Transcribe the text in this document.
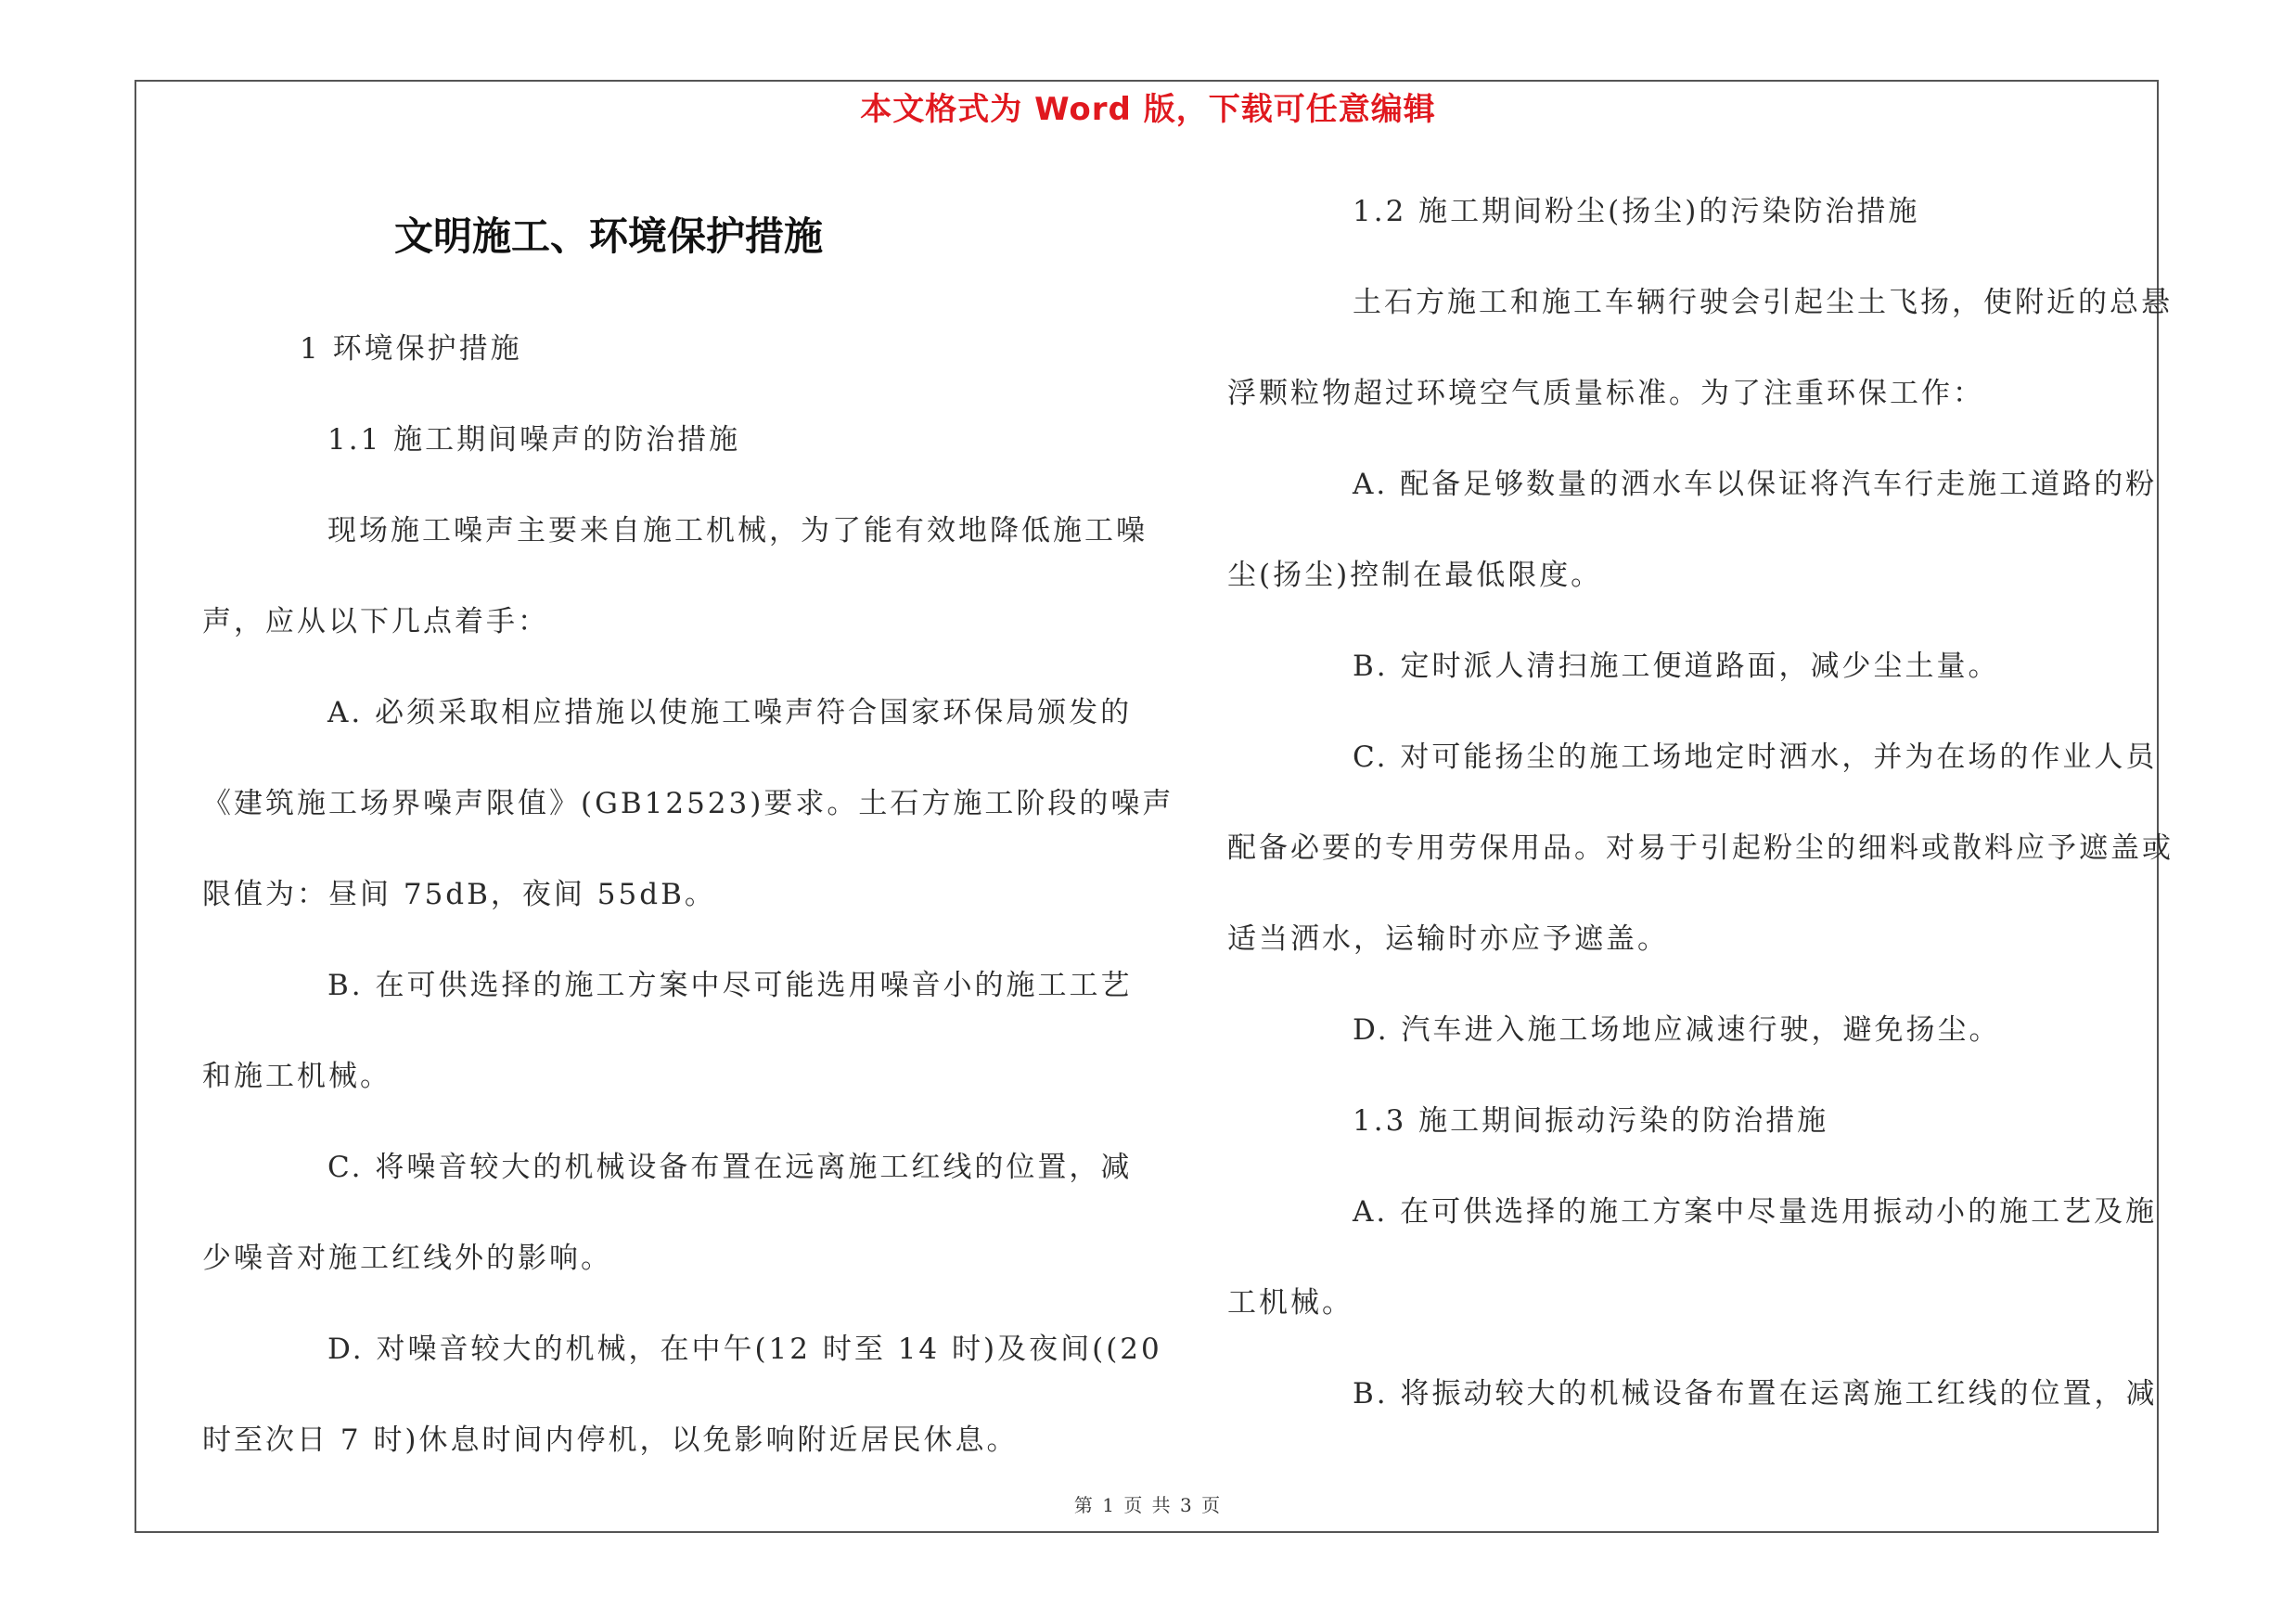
本文格式为 Word 版，下载可任意编辑
文明施工、环境保护措施
1 环境保护措施
1.1 施工期间噪声的防治措施
现场施工噪声主要来自施工机械，为了能有效地降低施工噪
声，应从以下几点着手：
A. 必须采取相应措施以使施工噪声符合国家环保局颁发的
《建筑施工场界噪声限值》(GB12523)要求。土石方施工阶段的噪声
限值为：昼间 75dB，夜间 55dB。
B. 在可供选择的施工方案中尽可能选用噪音小的施工工艺
和施工机械。
C. 将噪音较大的机械设备布置在远离施工红线的位置，减
少噪音对施工红线外的影响。
D. 对噪音较大的机械，在中午(12 时至 14 时)及夜间((20
时至次日 7 时)休息时间内停机，以免影响附近居民休息。
1.2 施工期间粉尘(扬尘)的污染防治措施
土石方施工和施工车辆行驶会引起尘土飞扬，使附近的总悬
浮颗粒物超过环境空气质量标准。为了注重环保工作：
A. 配备足够数量的洒水车以保证将汽车行走施工道路的粉
尘(扬尘)控制在最低限度。
B. 定时派人清扫施工便道路面，减少尘土量。
C. 对可能扬尘的施工场地定时洒水，并为在场的作业人员
配备必要的专用劳保用品。对易于引起粉尘的细料或散料应予遮盖或
适当洒水，运输时亦应予遮盖。
D. 汽车进入施工场地应减速行驶，避免扬尘。
1.3 施工期间振动污染的防治措施
A. 在可供选择的施工方案中尽量选用振动小的施工艺及施
工机械。
B. 将振动较大的机械设备布置在运离施工红线的位置，减
第 1 页 共 3 页
